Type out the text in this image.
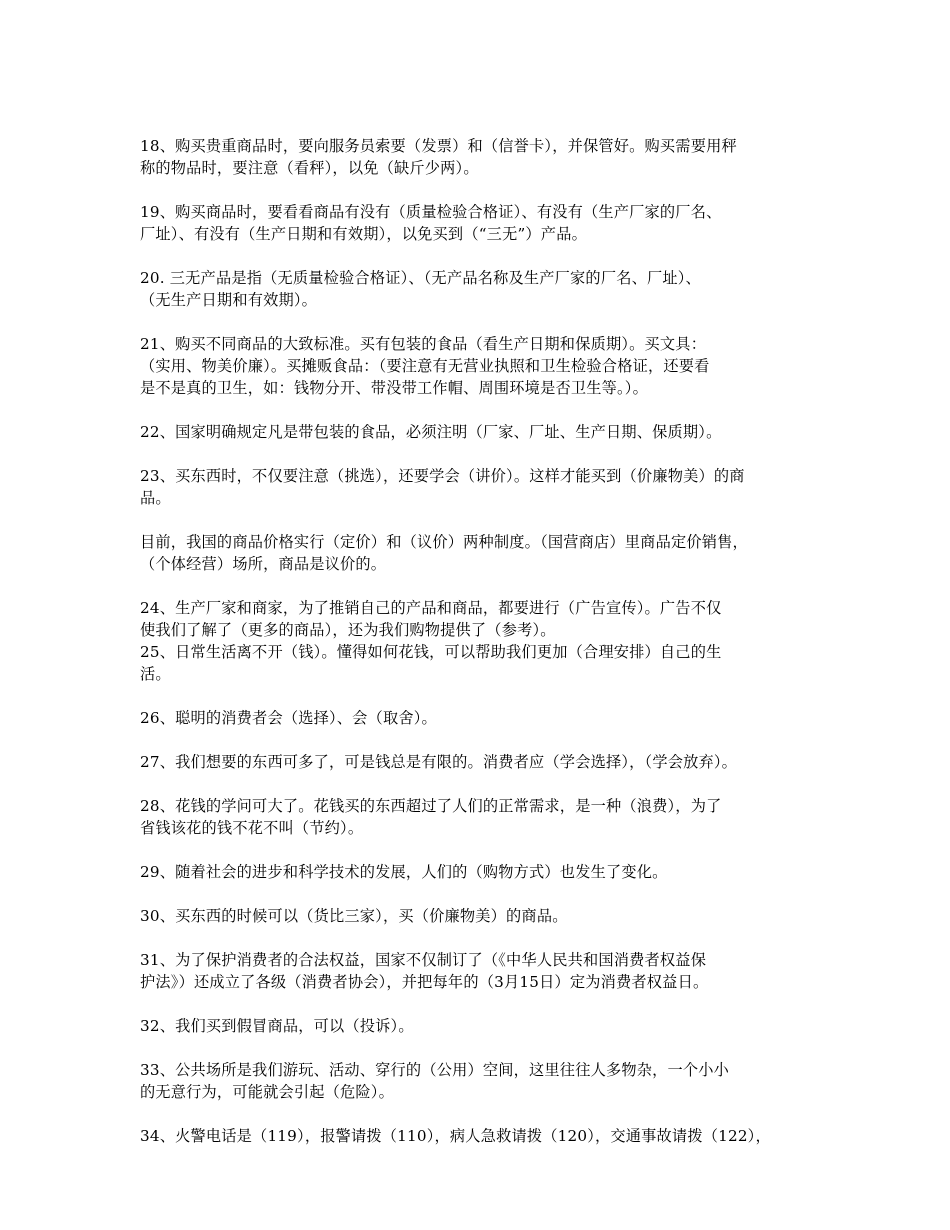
18、购买贵重商品时，要向服务员索要（发票）和（信誉卡），并保管好。购买需要用秤
称的物品时，要注意（看秤），以免（缺斤少两）。

19、购买商品时，要看看商品有没有（质量检验合格证）、有没有（生产厂家的厂名、
厂址）、有没有（生产日期和有效期），以免买到（“三无”）产品。

20. 三无产品是指（无质量检验合格证）、（无产品名称及生产厂家的厂名、厂址）、
（无生产日期和有效期）。

21、购买不同商品的大致标准。买有包装的食品（看生产日期和保质期）。买文具：
（实用、物美价廉）。买摊贩食品：（要注意有无营业执照和卫生检验合格证，还要看
是不是真的卫生，如：钱物分开、带没带工作帽、周围环境是否卫生等。）。

22、国家明确规定凡是带包装的食品，必须注明（厂家、厂址、生产日期、保质期）。

23、买东西时，不仅要注意（挑选），还要学会（讲价）。这样才能买到（价廉物美）的商
品。

目前，我国的商品价格实行（定价）和（议价）两种制度。（国营商店）里商品定价销售，
（个体经营）场所，商品是议价的。

24、生产厂家和商家，为了推销自己的产品和商品，都要进行（广告宣传）。广告不仅
使我们了解了（更多的商品），还为我们购物提供了（参考）。

25、日常生活离不开（钱）。懂得如何花钱，可以帮助我们更加（合理安排）自己的生
活。

26、聪明的消费者会（选择）、会（取舍）。

27、我们想要的东西可多了，可是钱总是有限的。消费者应（学会选择），（学会放弃）。

28、花钱的学问可大了。花钱买的东西超过了人们的正常需求，是一种（浪费），为了
省钱该花的钱不花不叫（节约）。

29、随着社会的进步和科学技术的发展，人们的（购物方式）也发生了变化。

30、买东西的时候可以（货比三家），买（价廉物美）的商品。

31、为了保护消费者的合法权益，国家不仅制订了（《中华人民共和国消费者权益保
护法》）还成立了各级（消费者协会），并把每年的（3月15日）定为消费者权益日。

32、我们买到假冒商品，可以（投诉）。

33、公共场所是我们游玩、活动、穿行的（公用）空间，这里往往人多物杂，一个小小
的无意行为，可能就会引起（危险）。

34、火警电话是（119），报警请拨（110），病人急救请拨（120），交通事故请拨（122），
